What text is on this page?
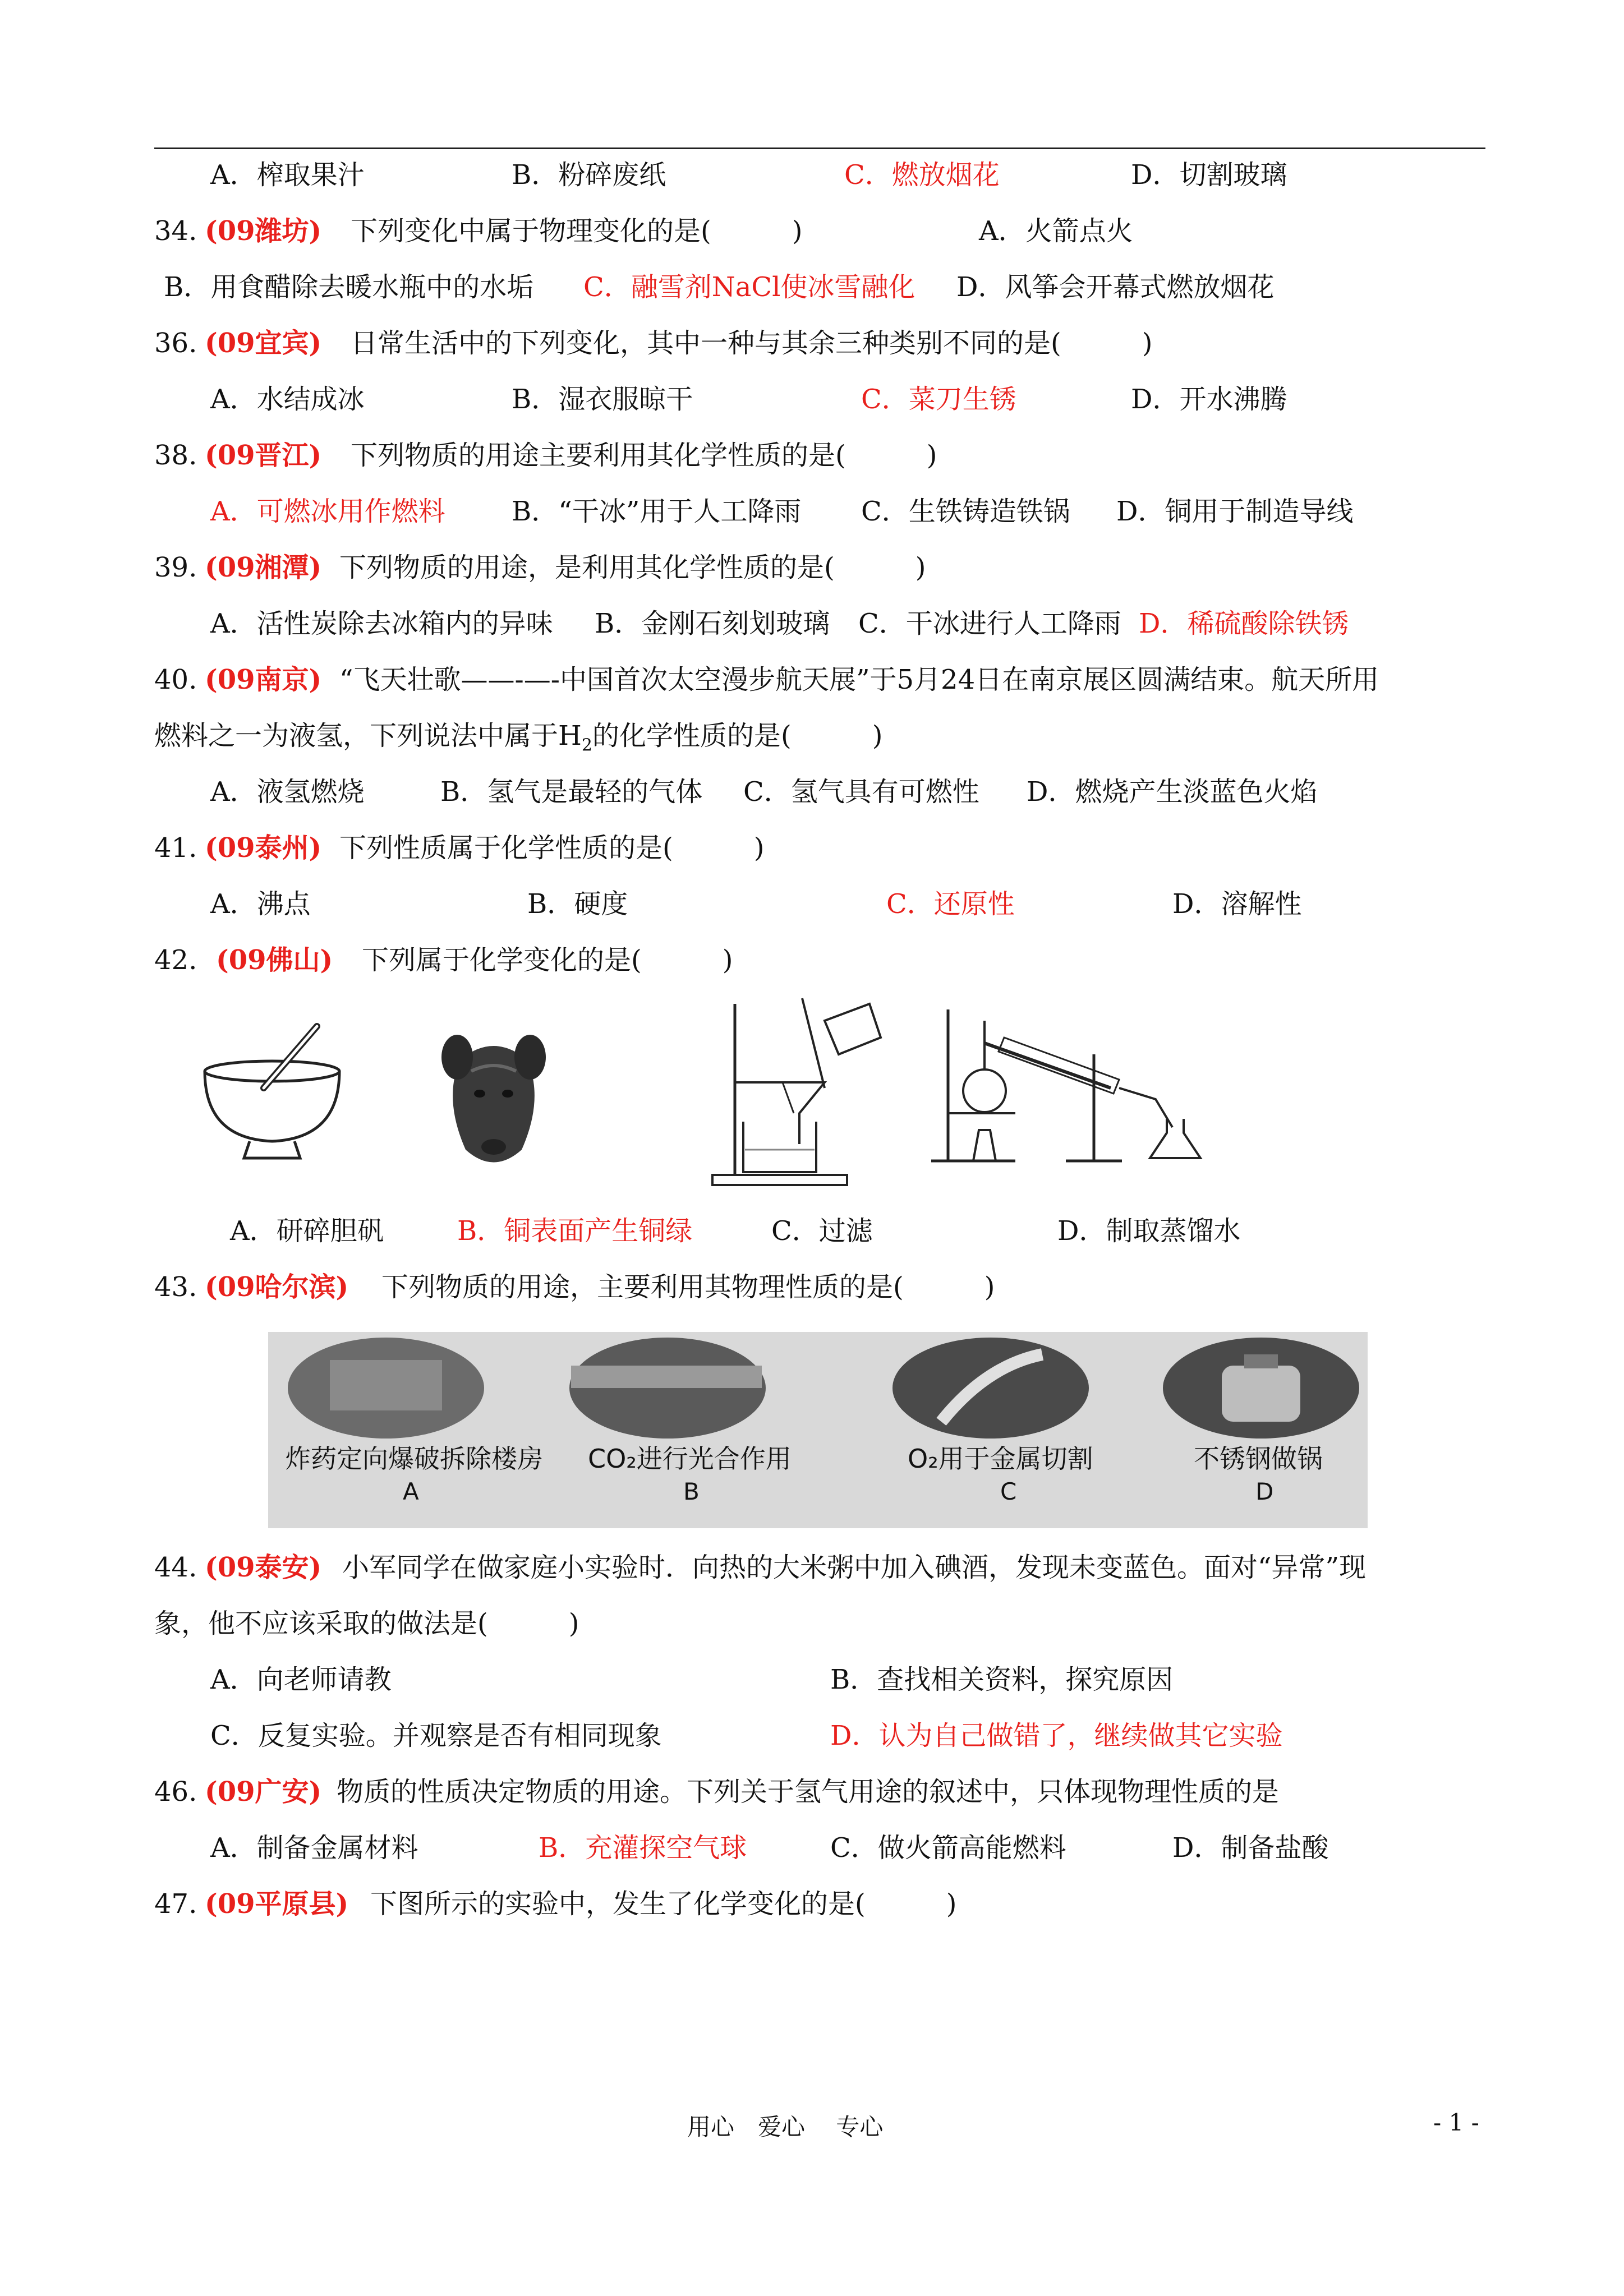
A．榨取果汁	B．粉碎废纸	C．燃放烟花	D．切割玻璃
34. (09潍坊) 下列变化中属于物理变化的是(　　　)	A．火箭点火
B．用食醋除去暖水瓶中的水垢 C．融雪剂NaCl使冰雪融化 D．风筝会开幕式燃放烟花
36. (09宜宾) 日常生活中的下列变化，其中一种与其余三种类别不同的是(　　　)
A．水结成冰	B．湿衣服晾干	C．菜刀生锈	D．开水沸腾
38. (09晋江) 下列物质的用途主要利用其化学性质的是(　　　)
A．可燃冰用作燃料 B．“干冰”用于人工降雨 C．生铁铸造铁锅 D．铜用于制造导线
39. (09湘潭) 下列物质的用途，是利用其化学性质的是(　　　)
A．活性炭除去冰箱内的异味 B．金刚石刻划玻璃 C．干冰进行人工降雨 D．稀硫酸除铁锈
40. (09南京) “飞天壮歌——-—-中国首次太空漫步航天展”于5月24日在南京展区圆满结束。航天所用
燃料之一为液氢，下列说法中属于$H_2$的化学性质的是(　　　)
A．液氢燃烧	B．氢气是最轻的气体 C．氢气具有可燃性 D．燃烧产生淡蓝色火焰
41. (09泰州) 下列性质属于化学性质的是(　　　)
A．沸点	B．硬度	C．还原性	D．溶解性
42. (09佛山) 下列属于化学变化的是(　　　)
A．研碎胆矾	B．铜表面产生铜绿	C．过滤	D．制取蒸馏水
43. (09哈尔滨) 下列物质的用途，主要利用其物理性质的是(　　　)
炸药定向爆破拆除楼房 CO₂进行光合作用	O₂用于金属切割	不锈钢做锅
A	B	C	D
44. (09泰安) 小军同学在做家庭小实验时．向热的大米粥中加入碘酒，发现未变蓝色。面对“异常”现
象，他不应该采取的做法是(　　　)
A．向老师请教	B．查找相关资料，探究原因
C．反复实验。并观察是否有相同现象	D．认为自己做错了，继续做其它实验
46. (09广安) 物质的性质决定物质的用途。下列关于氢气用途的叙述中，只体现物理性质的是
A．制备金属材料	B．充灌探空气球	C．做火箭高能燃料	D．制备盐酸
47. (09平原县) 下图所示的实验中，发生了化学变化的是(　　　)
用心　爱心　 专心	- 1 -
